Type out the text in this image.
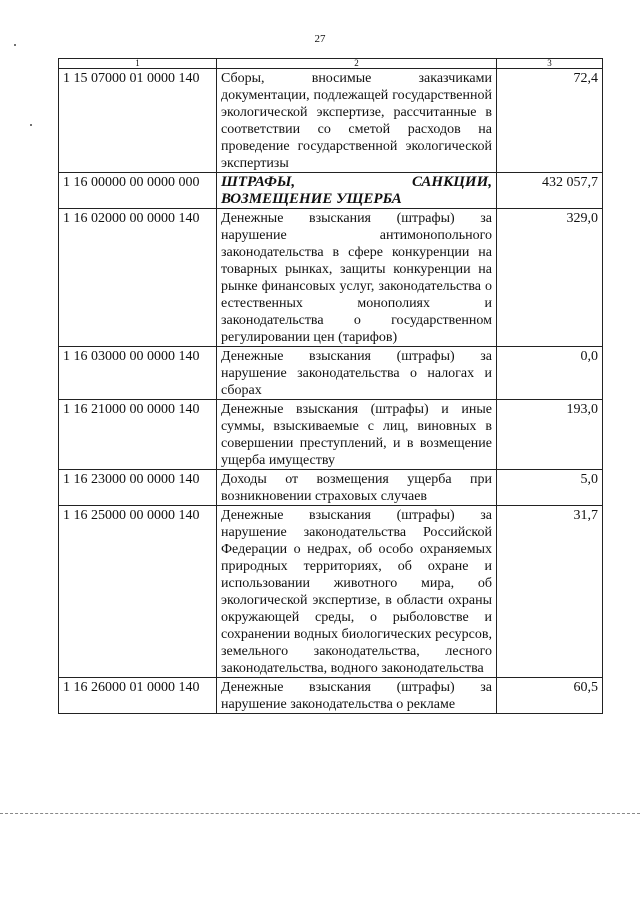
27
1	2	3
1 15 07000 01 0000 140	Сборы, вносимые заказчиками документации, подлежащей государственной экологической экспертизе, рассчитанные в соответствии со сметой расходов на проведение государственной экологической экспертизы	72,4
1 16 00000 00 0000 000	ШТРАФЫ, САНКЦИИ, ВОЗМЕЩЕНИЕ УЩЕРБА	432 057,7
1 16 02000 00 0000 140	Денежные взыскания (штрафы) за нарушение антимонопольного законодательства в сфере конкуренции на товарных рынках, защиты конкуренции на рынке финансовых услуг, законодательства о естественных монополиях и законодательства о государственном регулировании цен (тарифов)	329,0
1 16 03000 00 0000 140	Денежные взыскания (штрафы) за нарушение законодательства о налогах и сборах	0,0
1 16 21000 00 0000 140	Денежные взыскания (штрафы) и иные суммы, взыскиваемые с лиц, виновных в совершении преступлений, и в возмещение ущерба имуществу	193,0
1 16 23000 00 0000 140	Доходы от возмещения ущерба при возникновении страховых случаев	5,0
1 16 25000 00 0000 140	Денежные взыскания (штрафы) за нарушение законодательства Российской Федерации о недрах, об особо охраняемых природных территориях, об охране и использовании животного мира, об экологической экспертизе, в области охраны окружающей среды, о рыболовстве и сохранении водных биологических ресурсов, земельного законодательства, лесного законодательства, водного законодательства	31,7
1 16 26000 01 0000 140	Денежные взыскания (штрафы) за нарушение законодательства о рекламе	60,5
